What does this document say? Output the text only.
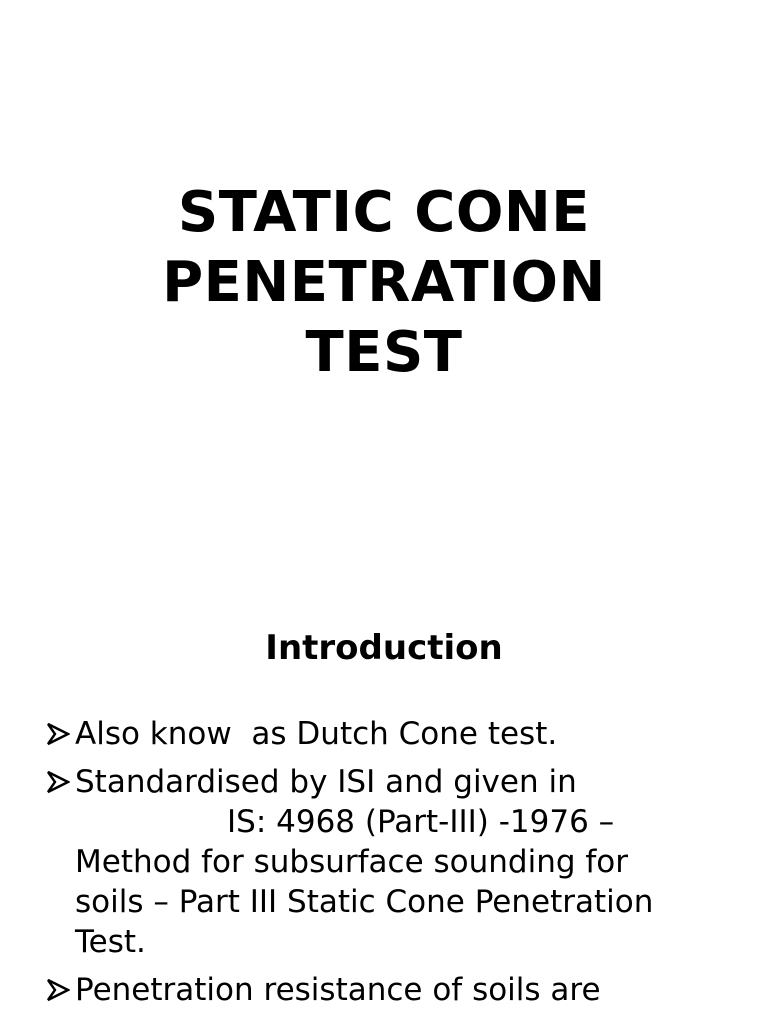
STATIC CONE
PENETRATION
TEST
Introduction
Also know  as Dutch Cone test.
Standardised by ISI and given in
IS: 4968 (Part-III) -1976 –
Method for subsurface sounding for
soils – Part III Static Cone Penetration
Test.
Penetration resistance of soils are
